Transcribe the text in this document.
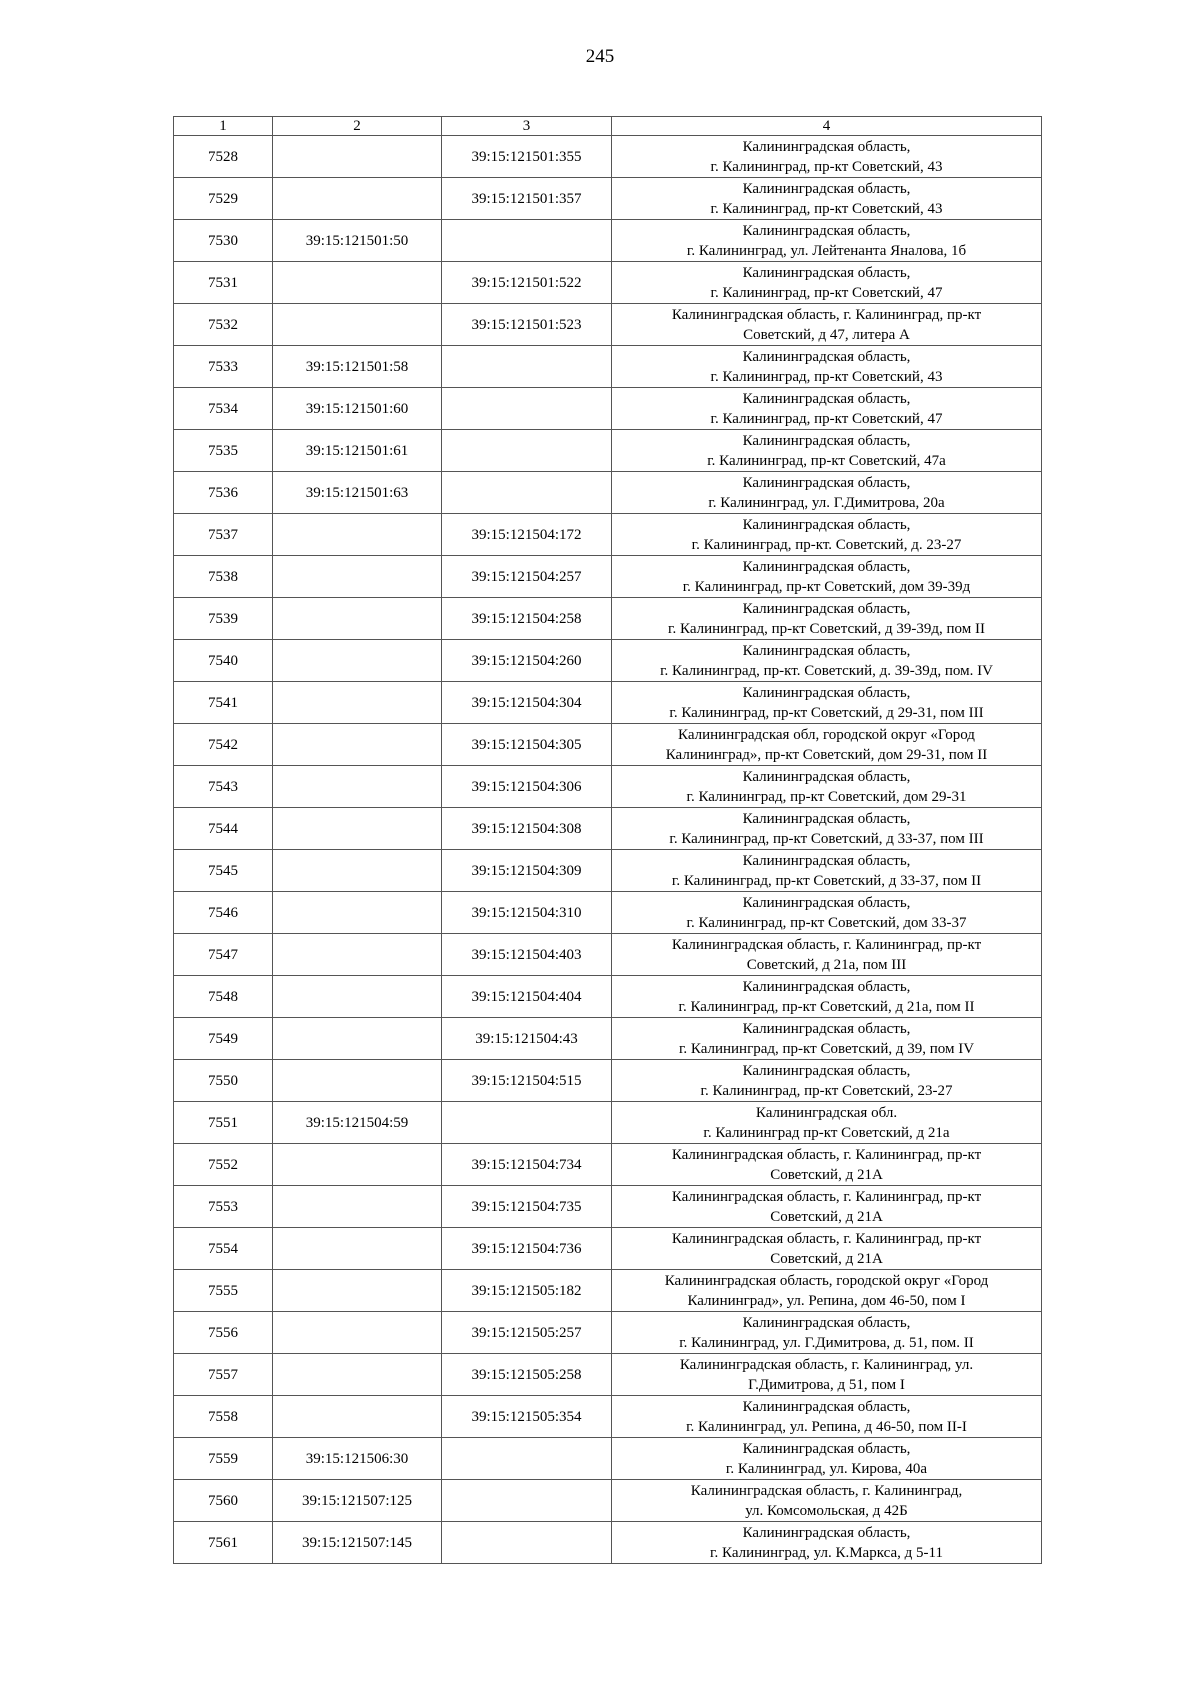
245
1	2	3	4
7528		39:15:121501:355	Калининградская область,
г. Калининград, пр-кт Советский, 43

7529		39:15:121501:357	Калининградская область,
г. Калининград, пр-кт Советский, 43

7530	39:15:121501:50		Калининградская область,
г. Калининград, ул. Лейтенанта Яналова, 1б

7531		39:15:121501:522	Калининградская область,
г. Калининград, пр-кт Советский, 47

7532		39:15:121501:523	Калининградская область, г. Калининград, пр-кт
Советский, д 47, литера А

7533	39:15:121501:58		Калининградская область,
г. Калининград, пр-кт Советский, 43

7534	39:15:121501:60		Калининградская область,
г. Калининград, пр-кт Советский, 47

7535	39:15:121501:61		Калининградская область,
г. Калининград, пр-кт Советский, 47а

7536	39:15:121501:63		Калининградская область,
г. Калининград, ул. Г.Димитрова, 20а

7537		39:15:121504:172	Калининградская область,
г. Калининград, пр-кт. Советский, д. 23-27

7538		39:15:121504:257	Калининградская область,
г. Калининград, пр-кт Советский, дом 39-39д

7539		39:15:121504:258	Калининградская область,
г. Калининград, пр-кт Советский, д 39-39д, пом II

7540		39:15:121504:260	Калининградская область,
г. Калининград, пр-кт. Советский, д. 39-39д, пом. IV

7541		39:15:121504:304	Калининградская область,
г. Калининград, пр-кт Советский, д 29-31, пом III

7542		39:15:121504:305	Калининградская обл, городской округ «Город
Калининград», пр-кт Советский, дом 29-31, пом II

7543		39:15:121504:306	Калининградская область,
г. Калининград, пр-кт Советский, дом 29-31

7544		39:15:121504:308	Калининградская область,
г. Калининград, пр-кт Советский, д 33-37, пом III

7545		39:15:121504:309	Калининградская область,
г. Калининград, пр-кт Советский, д 33-37, пом II

7546		39:15:121504:310	Калининградская область,
г. Калининград, пр-кт Советский, дом 33-37

7547		39:15:121504:403	Калининградская область, г. Калининград, пр-кт
Советский, д 21а, пом III

7548		39:15:121504:404	Калининградская область,
г. Калининград, пр-кт Советский, д 21а, пом II

7549		39:15:121504:43	Калининградская область,
г. Калининград, пр-кт Советский, д 39, пом IV

7550		39:15:121504:515	Калининградская область,
г. Калининград, пр-кт Советский, 23-27

7551	39:15:121504:59		Калининградская обл.
г. Калининград пр-кт Советский, д 21а

7552		39:15:121504:734	Калининградская область, г. Калининград, пр-кт
Советский, д 21А

7553		39:15:121504:735	Калининградская область, г. Калининград, пр-кт
Советский, д 21А

7554		39:15:121504:736	Калининградская область, г. Калининград, пр-кт
Советский, д 21А

7555		39:15:121505:182	Калининградская область, городской округ «Город
Калининград», ул. Репина, дом 46-50, пом I

7556		39:15:121505:257	Калининградская область,
г. Калининград, ул. Г.Димитрова, д. 51, пом. II

7557		39:15:121505:258	Калининградская область, г. Калининград, ул.
Г.Димитрова, д 51, пом I

7558		39:15:121505:354	Калининградская область,
г. Калининград, ул. Репина, д 46-50, пом II-I

7559	39:15:121506:30		Калининградская область,
г. Калининград, ул. Кирова, 40а

7560	39:15:121507:125		Калининградская область, г. Калининград,
ул. Комсомольская, д 42Б

7561	39:15:121507:145		Калининградская область,
г. Калининград, ул. К.Маркса, д 5-11
